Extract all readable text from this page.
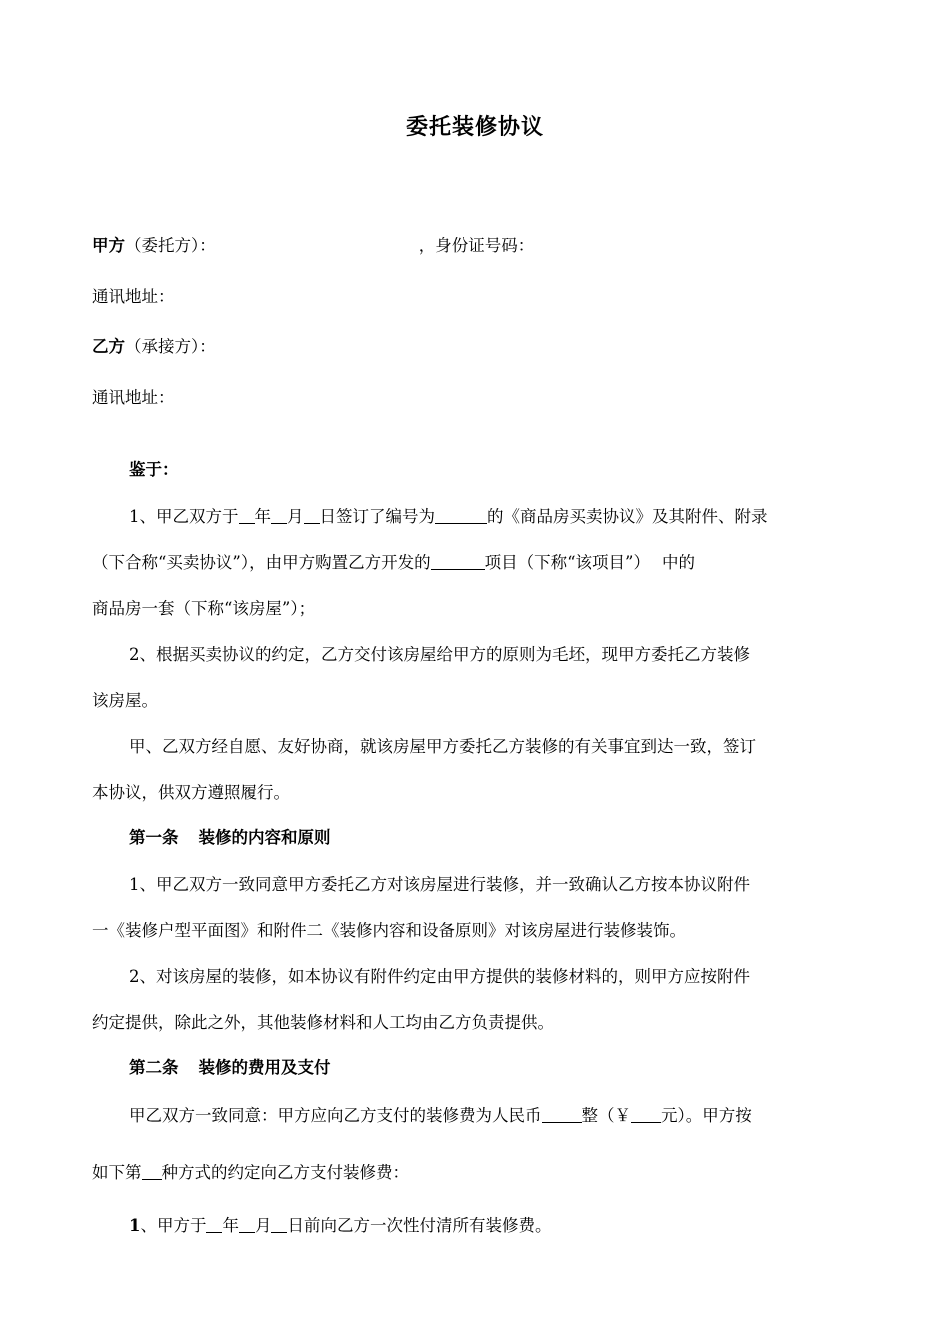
委托装修协议
甲方（委托方）：	，身份证号码：
通讯地址：
乙方（承接方）：
通讯地址：
鉴于：
1、甲乙双方于 年 月 日签订了编号为	的《商品房买卖协议》及其附件、附录
（下合称“买卖协议”），由甲方购置乙方开发的	项目（下称“该项目”） 中的
商品房一套（下称“该房屋”）；
2、根据买卖协议的约定，乙方交付该房屋给甲方的原则为毛坯，现甲方委托乙方装修
该房屋。
甲、乙双方经自愿、友好协商，就该房屋甲方委托乙方装修的有关事宜到达一致，签订
本协议，供双方遵照履行。
第一条 装修的内容和原则
1、甲乙双方一致同意甲方委托乙方对该房屋进行装修，并一致确认乙方按本协议附件
一《装修户型平面图》和附件二《装修内容和设备原则》对该房屋进行装修装饰。
2、对该房屋的装修，如本协议有附件约定由甲方提供的装修材料的，则甲方应按附件
约定提供，除此之外，其他装修材料和人工均由乙方负责提供。
第二条 装修的费用及支付
甲乙双方一致同意：甲方应向乙方支付的装修费为人民币 整（￥ 元）。甲方按
如下第 种方式的约定向乙方支付装修费：
1、甲方于 年 月 日前向乙方一次性付清所有装修费。
